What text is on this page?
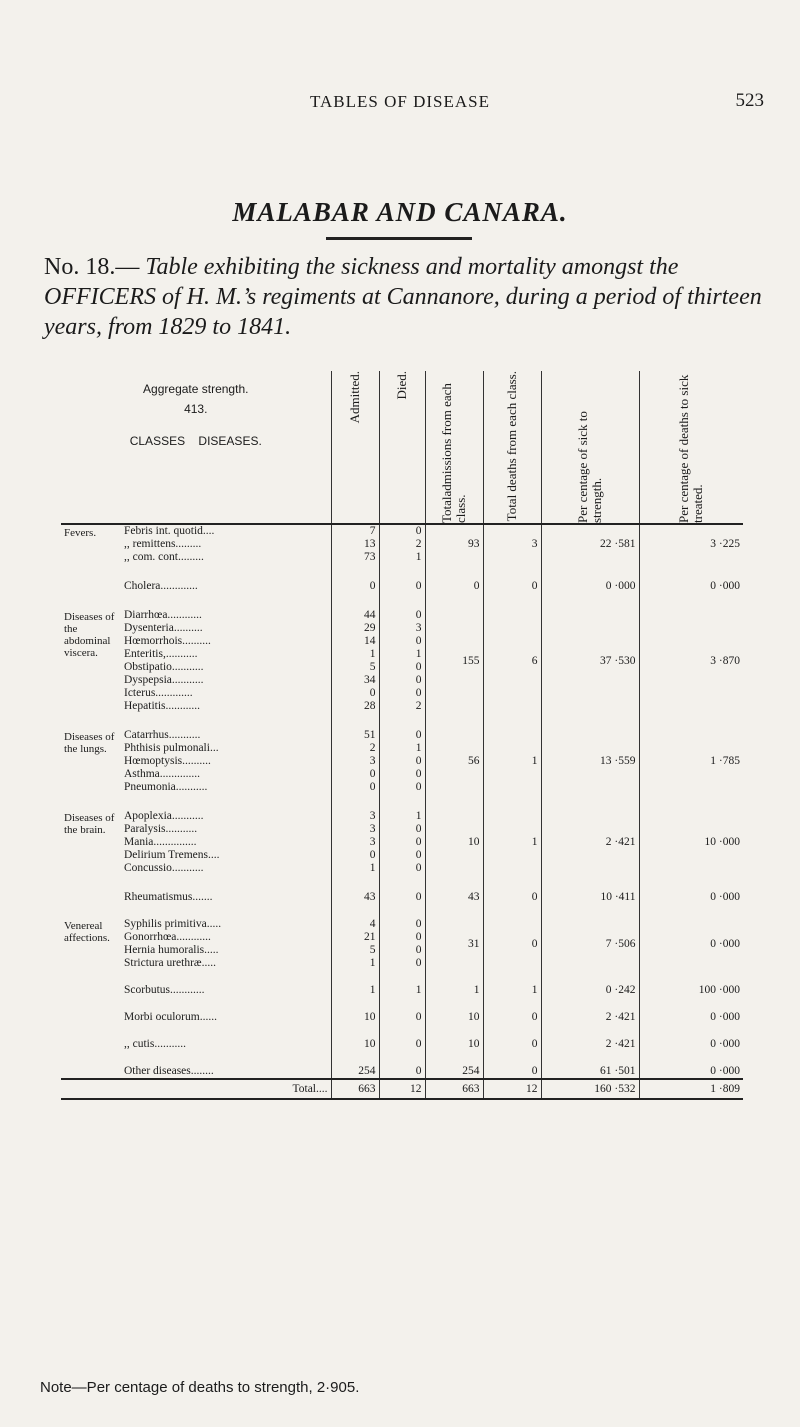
TABLES OF DISEASE	523
MALABAR AND CANARA.
No. 18.— Table exhibiting the sickness and mortality amongst the OFFICERS of H. M.’s regiments at Cannanore, during a period of thirteen years, from 1829 to 1841.
Aggregate strength.
413.
CLASSES DISEASES.		Admitted.	Died.	Totaladmissions from each class.	Total deaths from each class.	Per centage of sick to strength.	Per centage of deaths to sick treated.

Fevers.	Febris int. quotid....	7	0	93	3	22 ·581	3 ·225
	,, remittens.........	13	2				
	,, com. cont.........	73	1				
	Cholera.............	0	0	0	0	0 ·000	0 ·000
Diseases of the abdominal viscera.	Diarrhœa............	44	0	155	6	37 ·530	3 ·870
	Dysenteria..........	29	3				
	Hœmorrhois..........	14	0				
	Enteritis,...........	1	1				
	Obstipatio...........	5	0				
	Dyspepsia...........	34	0				
	Icterus.............	0	0				
	Hepatitis............	28	2				
Diseases of the lungs.	Catarrhus...........	51	0	56	1	13 ·559	1 ·785
	Phthisis pulmonali...	2	1				
	Hœmoptysis..........	3	0				
	Asthma..............	0	0				
	Pneumonia...........	0	0				
Diseases of the brain.	Apoplexia...........	3	1	10	1	2 ·421	10 ·000
	Paralysis...........	3	0				
	Mania...............	3	0				
	Delirium Tremens....	0	0				
	Concussio...........	1	0				
	Rheumatismus.......	43	0	43	0	10 ·411	0 ·000
Venereal affections.	Syphilis primitiva.....	4	0	31	0	7 ·506	0 ·000
	Gonorrhœa............	21	0				
	Hernia humoralis.....	5	0				
	Strictura urethræ.....	1	0				
	Scorbutus............	1	1	1	1	0 ·242	100 ·000
	Morbi oculorum......	10	0	10	0	2 ·421	0 ·000
	,, cutis...........	10	0	10	0	2 ·421	0 ·000
	Other diseases........	254	0	254	0	61 ·501	0 ·000
	Total....	663	12	663	12	160 ·532	1 ·809
Note—Per centage of deaths to strength, 2·905.
